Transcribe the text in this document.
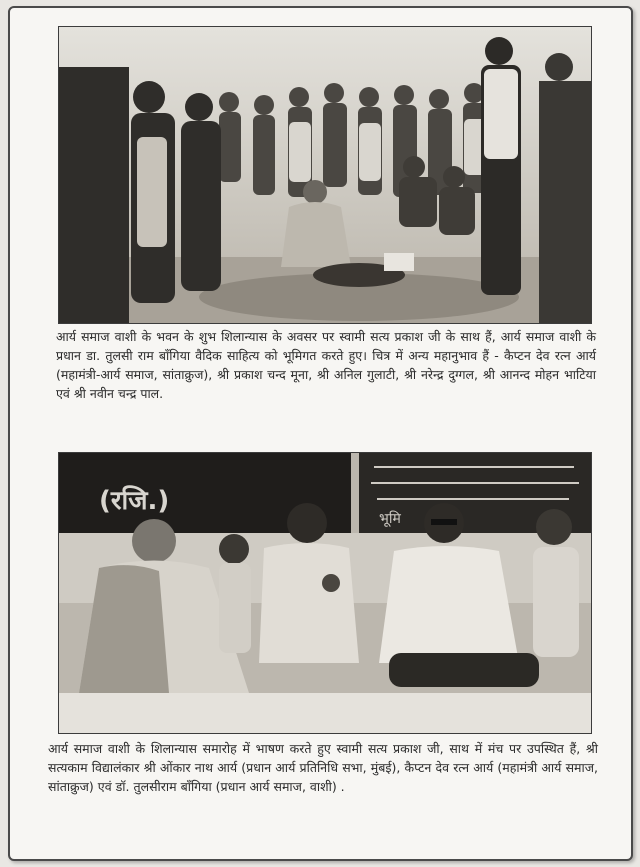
आर्य समाज वाशी के भवन के शुभ शिलान्यास के अवसर पर स्वामी सत्य प्रकाश जी के साथ हैं, आर्य समाज वाशी के प्रधान डा. तुलसी राम बाँगिया वैदिक साहित्य को भूमिगत करते हुए। चित्र में अन्य महानुभाव हैं - कैप्टन देव रत्न आर्य (महामंत्री-आर्य समाज, सांताक्रुज), श्री प्रकाश चन्द मूना, श्री अनिल गुलाटी, श्री नरेन्द्र दुग्गल, श्री आनन्द मोहन भाटिया एवं श्री नवीन चन्द्र पाल.

(रजि.)
भूमि

आर्य समाज वाशी के शिलान्यास समारोह में भाषण करते हुए स्वामी सत्य प्रकाश जी, साथ में मंच पर उपस्थित हैं, श्री सत्यकाम विद्यालंकार श्री ओंकार नाथ आर्य (प्रधान आर्य प्रतिनिधि सभा, मुंबई), कैप्टन देव रत्न आर्य (महामंत्री आर्य समाज, सांताक्रुज) एवं डॉ. तुलसीराम बाँगिया (प्रधान आर्य समाज, वाशी) .
